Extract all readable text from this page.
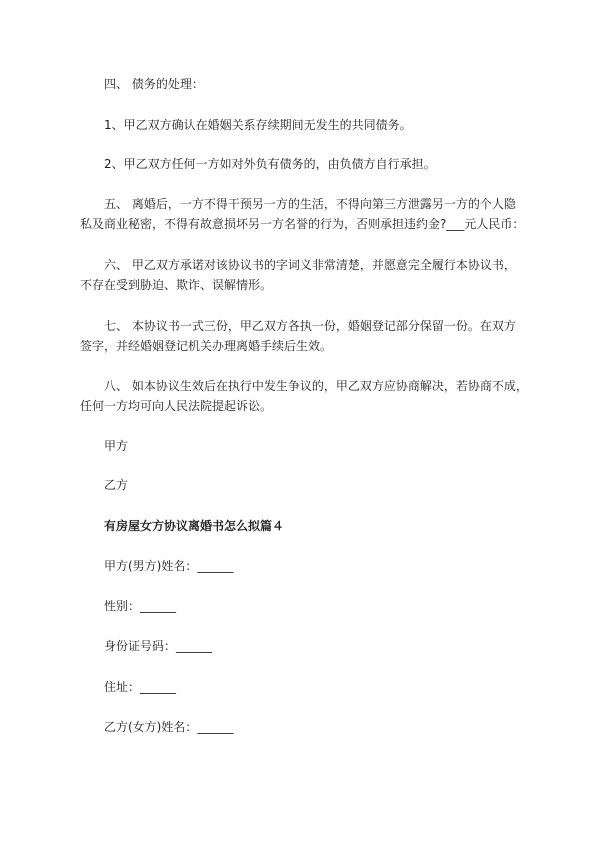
四、 债务的处理：
1、甲乙双方确认在婚姻关系存续期间无发生的共同债务。
2、甲乙双方任何一方如对外负有债务的，由负债方自行承担。
五、 离婚后，一方不得干预另一方的生活，不得向第三方泄露另一方的个人隐
私及商业秘密，不得有故意损坏另一方名誉的行为，否则承担违约金?___元人民币：
六、 甲乙双方承诺对该协议书的字词义非常清楚，并愿意完全履行本协议书，
不存在受到胁迫、欺诈、误解情形。
七、 本协议书一式三份，甲乙双方各执一份，婚姻登记部分保留一份。在双方
签字，并经婚姻登记机关办理离婚手续后生效。
八、 如本协议生效后在执行中发生争议的，甲乙双方应协商解决，若协商不成，
任何一方均可向人民法院提起诉讼。
甲方
乙方
有房屋女方协议离婚书怎么拟篇４
甲方(男方)姓名：______
性别：______
身份证号码：______
住址：______
乙方(女方)姓名：______
